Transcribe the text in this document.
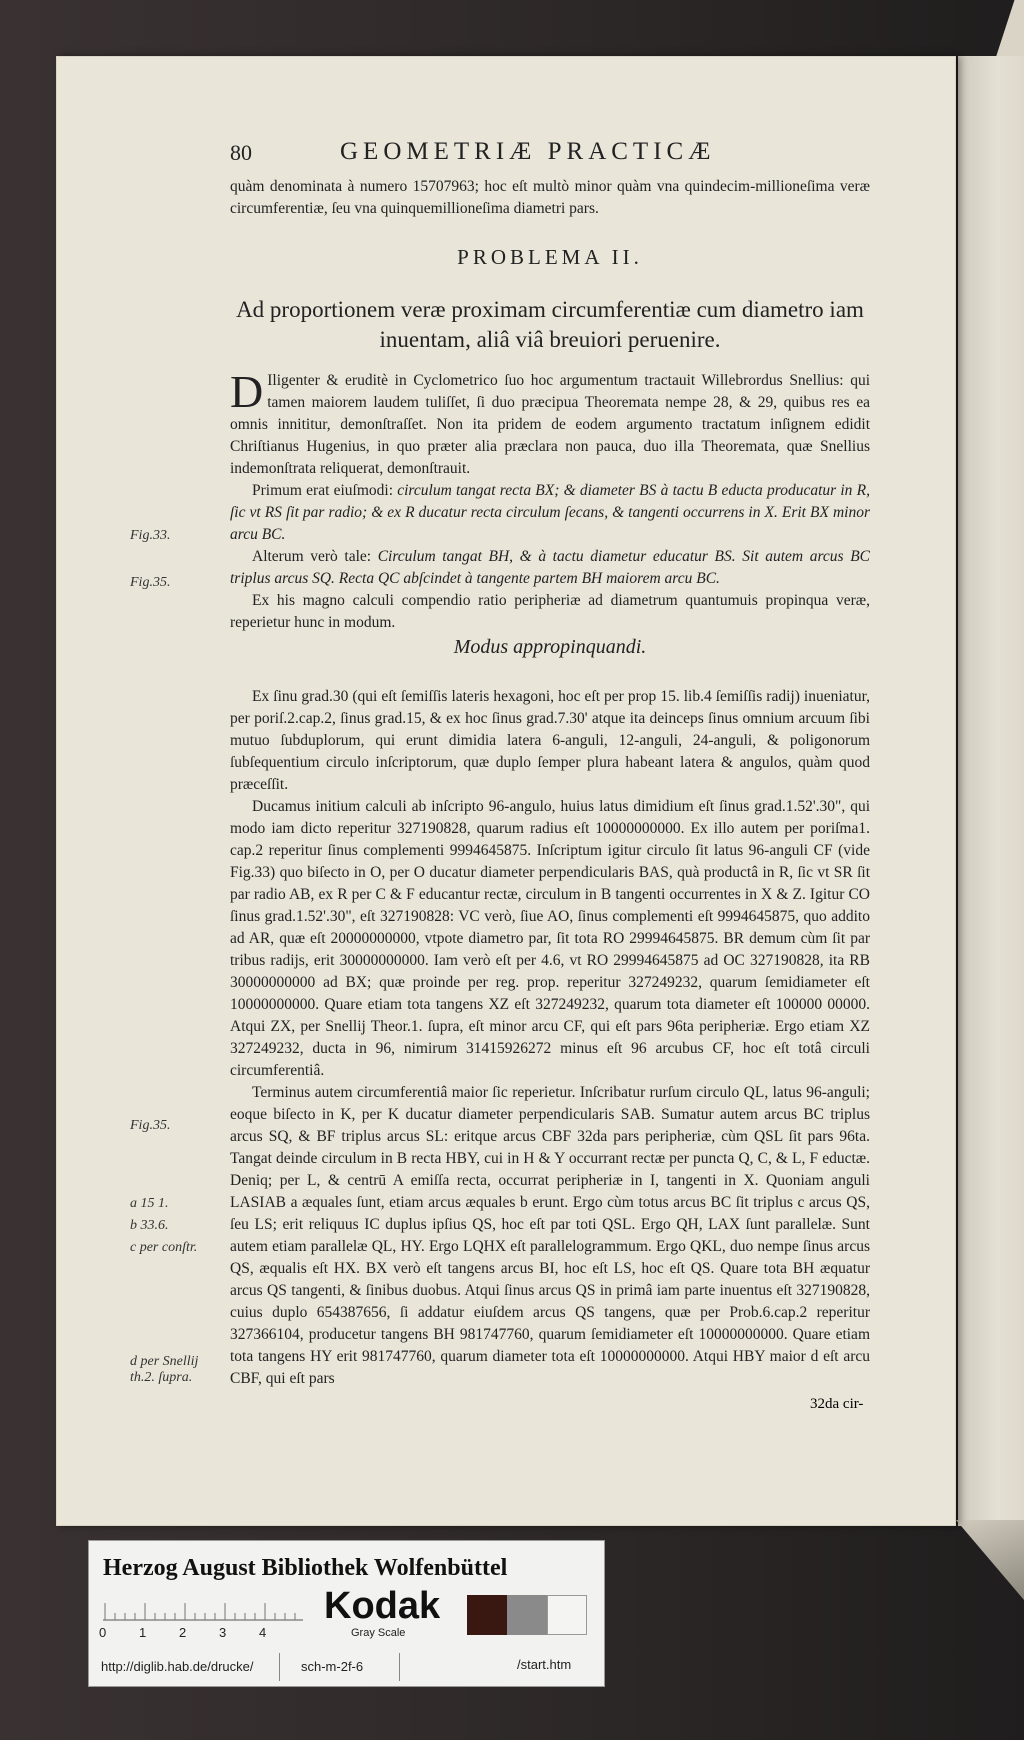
80	GEOMETRIÆ PRACTICÆ

quàm denominata à numero 15707963; hoc eſt multò minor quàm vna quindecim-millioneſima veræ circumferentiæ, ſeu vna quinquemillioneſima diametri pars.

PROBLEMA II.
Ad proportionem veræ proximam circumferentiæ cum diametro iam inuentam, aliâ viâ breuiori peruenire.

D Iligenter & eruditè in Cyclometrico ſuo hoc argumentum tractauit Willebrordus Snellius: qui tamen maiorem laudem tuliſſet, ſi duo præcipua Theoremata nempe 28, & 29, quibus res ea omnis innititur, demonſtraſſet. Non ita pridem de eodem argumento tractatum inſignem edidit Chriſtianus Hugenius, in quo præter alia præclara non pauca, duo illa Theoremata, quæ Snellius indemonſtrata reliquerat, demonſtrauit.

Primum erat eiuſmodi: circulum tangat recta BX; & diameter BS à tactu B educta producatur in R, ſic vt RS ſit par radio; & ex R ducatur recta circulum ſecans, & tangenti occurrens in X. Erit BX minor arcu BC.

Alterum verò tale: Circulum tangat BH, & à tactu diametur educatur BS. Sit autem arcus BC triplus arcus SQ. Recta QC abſcindet à tangente partem BH maiorem arcu BC.

Ex his magno calculi compendio ratio peripheriæ ad diametrum quantumuis propinqua veræ, reperietur hunc in modum.

Modus appropinquandi.

Ex ſinu grad.30 (qui eſt ſemiſſis lateris hexagoni, hoc eſt per prop 15. lib.4 ſemiſſis radij) inueniatur, per poriſ.2.cap.2, ſinus grad.15, & ex hoc ſinus grad.7.30' atque ita deinceps ſinus omnium arcuum ſibi mutuo ſubduplorum, qui erunt dimidia latera 6-anguli, 12-anguli, 24-anguli, & poligonorum ſubſequentium circulo inſcriptorum, quæ duplo ſemper plura habeant latera & angulos, quàm quod præceſſit.

Ducamus initium calculi ab inſcripto 96-angulo, huius latus dimidium eſt ſinus grad.1.52'.30", qui modo iam dicto reperitur 327190828, quarum radius eſt 10000000000. Ex illo autem per poriſma1. cap.2 reperitur ſinus complementi 9994645875. Inſcriptum igitur circulo ſit latus 96-anguli CF (vide Fig.33) quo biſecto in O, per O ducatur diameter perpendicularis BAS, quà productâ in R, ſic vt SR ſit par radio AB, ex R per C & F educantur rectæ, circulum in B tangenti occurrentes in X & Z. Igitur CO ſinus grad.1.52'.30", eſt 327190828: VC verò, ſiue AO, ſinus complementi eſt 9994645875, quo addito ad AR, quæ eſt 20000000000, vtpote diametro par, ſit tota RO 29994645875. BR demum cùm ſit par tribus radijs, erit 30000000000. Iam verò eſt per 4.6, vt RO 29994645875 ad OC 327190828, ita RB 30000000000 ad BX; quæ proinde per reg. prop. reperitur 327249232, quarum ſemidiameter eſt 10000000000. Quare etiam tota tangens XZ eſt 327249232, quarum tota diameter eſt 100000 00000. Atqui ZX, per Snellij Theor.1. ſupra, eſt minor arcu CF, qui eſt pars 96ta peripheriæ. Ergo etiam XZ 327249232, ducta in 96, nimirum 31415926272 minus eſt 96 arcubus CF, hoc eſt totâ circuli circumferentiâ.

Terminus autem circumferentiâ maior ſic reperietur. Inſcribatur rurſum circulo QL, latus 96-anguli; eoque biſecto in K, per K ducatur diameter perpendicularis SAB. Sumatur autem arcus BC triplus arcus SQ, & BF triplus arcus SL: eritque arcus CBF 32da pars peripheriæ, cùm QSL ſit pars 96ta. Tangat deinde circulum in B recta HBY, cui in H & Y occurrant rectæ per puncta Q, C, & L, F eductæ. Deniq; per L, & centrū A emiſſa recta, occurrat peripheriæ in I, tangenti in X. Quoniam anguli LASIAB a æquales ſunt, etiam arcus æquales b erunt. Ergo cùm totus arcus BC ſit triplus c arcus QS, ſeu LS; erit reliquus IC duplus ipſius QS, hoc eſt par toti QSL. Ergo QH, LAX ſunt parallelæ. Sunt autem etiam parallelæ QL, HY. Ergo LQHX eſt parallelogrammum. Ergo QKL, duo nempe ſinus arcus QS, æqualis eſt HX. BX verò eſt tangens arcus BI, hoc eſt LS, hoc eſt QS. Quare tota BH æquatur arcus QS tangenti, & ſinibus duobus. Atqui ſinus arcus QS in primâ iam parte inuentus eſt 327190828, cuius duplo 654387656, ſi addatur eiuſdem arcus QS tangens, quæ per Prob.6.cap.2 reperitur 327366104, producetur tangens BH 981747760, quarum ſemidiameter eſt 10000000000. Quare etiam tota tangens HY erit 981747760, quarum diameter tota eſt 10000000000. Atqui HBY maior d eſt arcu CBF, qui eſt pars

Fig.33.
Fig.35.
Fig.35.
a 15 1.
b 33.6.
c per conſtr.
d per Snellij th.2. ſupra.
32da cir-
Herzog August Bibliothek Wolfenbüttel
0	1	2	3	4
Kodak
Gray Scale
http://diglib.hab.de/drucke/	sch-m-2f-6	/start.htm
